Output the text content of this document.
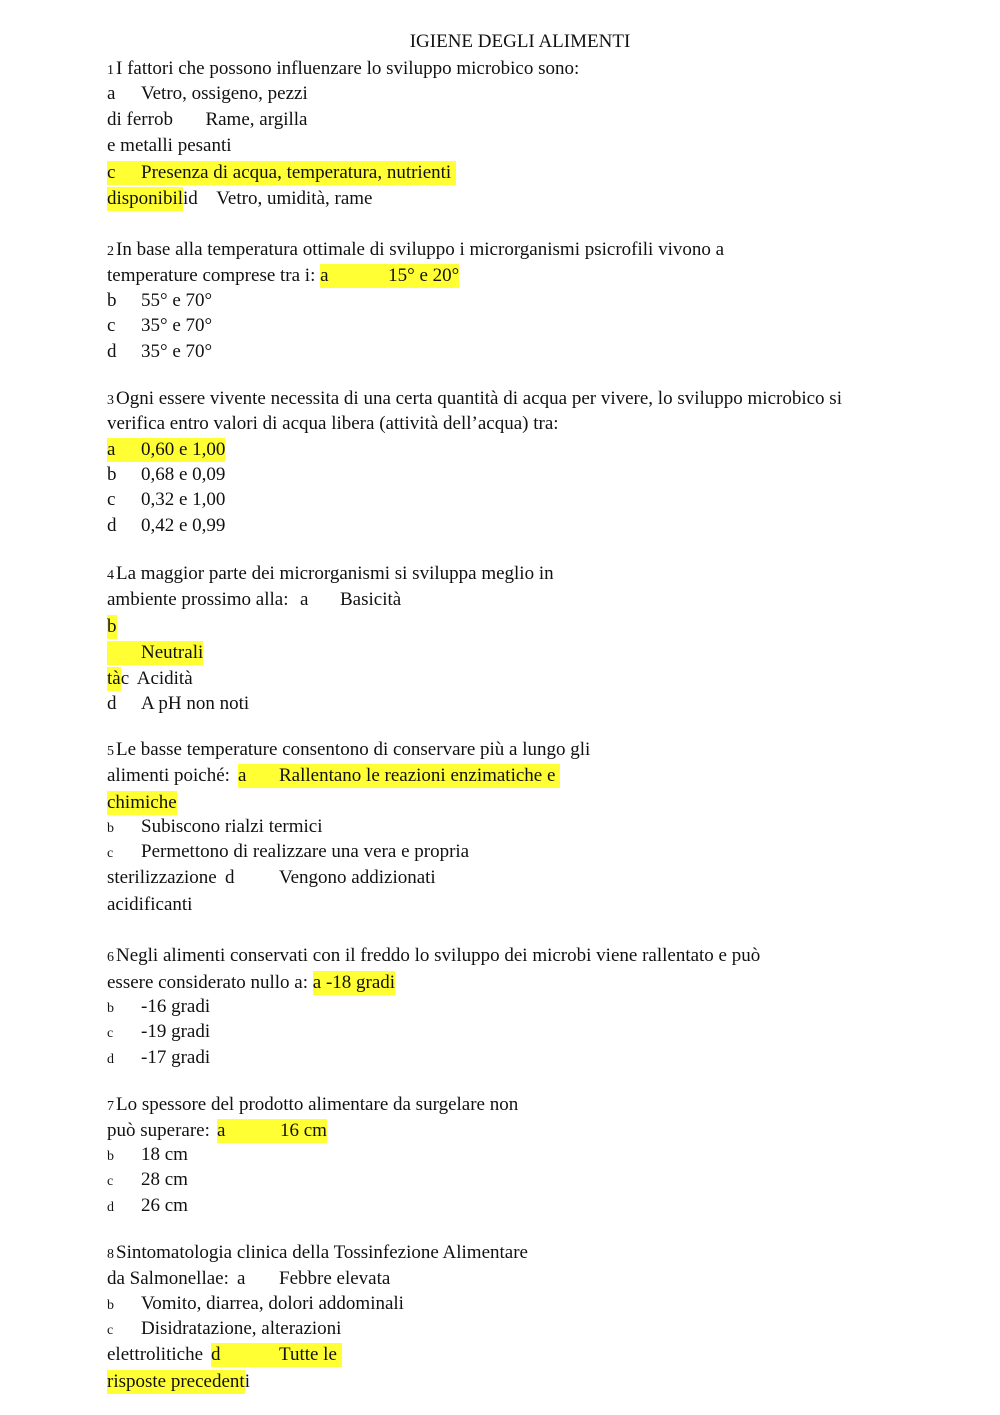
IGIENE DEGLI ALIMENTI
1 I fattori che possono influenzare lo sviluppo microbico sono:
a Vetro, ossigeno, pezzi
di ferrob Rame, argilla
e metalli pesanti
c Presenza di acqua, temperatura, nutrienti
disponibilid Vetro, umidità, rame
2 In base alla temperatura ottimale di sviluppo i microrganismi psicrofili vivono a
temperature comprese tra i: a	15° e 20°
b 55° e 70°
c 35° e 70°
d 35° e 70°
3 Ogni essere vivente necessita di una certa quantità di acqua per vivere, lo sviluppo microbico si
verifica entro valori di acqua libera (attività dell’acqua) tra:
a 0,60 e 1,00
b 0,68 e 0,09
c 0,32 e 1,00
d 0,42 e 0,99
4 La maggior parte dei microrganismi si sviluppa meglio in
ambiente prossimo alla: a Basicità
b
Neutrali
tàc Acidità
d A pH non noti
5 Le basse temperature consentono di conservare più a lungo gli
alimenti poiché: a Rallentano le reazioni enzimatiche e
chimiche
b Subiscono rialzi termici
c Permettono di realizzare una vera e propria
sterilizzazione d Vengono addizionati
acidificanti
6 Negli alimenti conservati con il freddo lo sviluppo dei microbi viene rallentato e può
essere considerato nullo a: a -18 gradi
b -16 gradi
c -19 gradi
d -17 gradi
7 Lo spessore del prodotto alimentare da surgelare non
può superare: a	16 cm
b 18 cm
c 28 cm
d 26 cm
8 Sintomatologia clinica della Tossinfezione Alimentare
da Salmonellae: a Febbre elevata
b Vomito, diarrea, dolori addominali
c Disidratazione, alterazioni
elettrolitiche d	Tutte le
risposte precedenti
